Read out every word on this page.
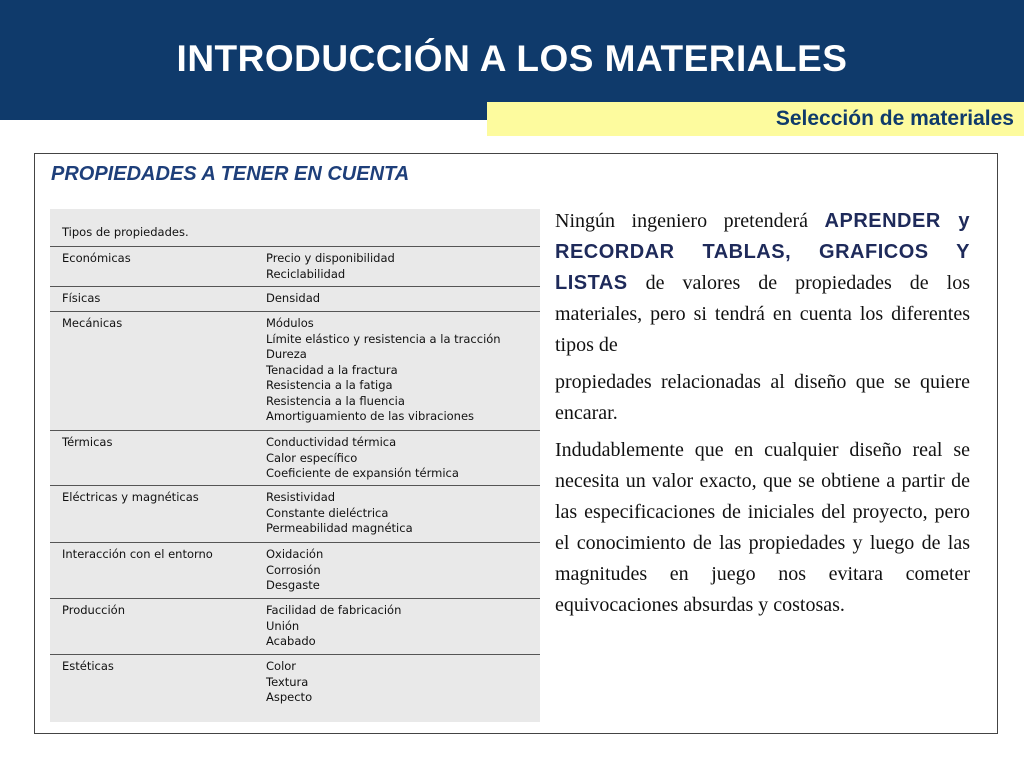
INTRODUCCIÓN A LOS MATERIALES
Selección de materiales
PROPIEDADES A TENER EN CUENTA
Tipos de propiedades.
Económicas	Precio y disponibilidad
Reciclabilidad
Físicas	Densidad
Mecánicas	Módulos
Límite elástico y resistencia a la tracción
Dureza
Tenacidad a la fractura
Resistencia a la fatiga
Resistencia a la fluencia
Amortiguamiento de las vibraciones
Térmicas	Conductividad térmica
Calor específico
Coeficiente de expansión térmica
Eléctricas y magnéticas	Resistividad
Constante dieléctrica
Permeabilidad magnética
Interacción con el entorno	Oxidación
Corrosión
Desgaste
Producción	Facilidad de fabricación
Unión
Acabado
Estéticas	Color
Textura
Aspecto

Ningún ingeniero pretenderá APRENDER y RECORDAR TABLAS, GRAFICOS Y LISTAS de valores de propiedades de los materiales, pero si tendrá en cuenta los diferentes tipos de

propiedades relacionadas al diseño que se quiere encarar.

Indudablemente que en cualquier diseño real se necesita un valor exacto, que se obtiene a partir de las especificaciones de iniciales del proyecto, pero el conocimiento de las propiedades y luego de las magnitudes en juego nos evitara cometer equivocaciones absurdas y costosas.
